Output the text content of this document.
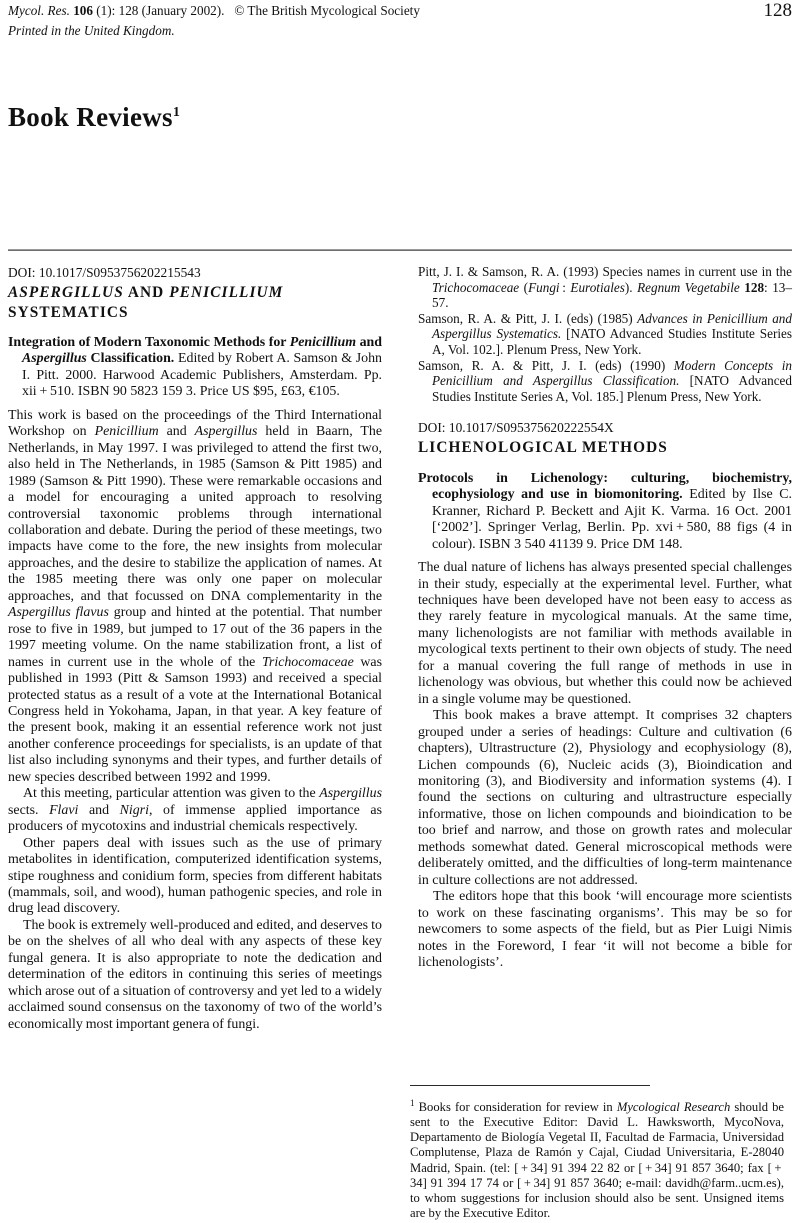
Mycol. Res. 106 (1): 128 (January 2002). © The British Mycological Society
Printed in the United Kingdom.
128
Book Reviews$^1$

DOI: 10.1017/S0953756202215543

ASPERGILLUS AND PENICILLIUM
SYSTEMATICS

Integration of Modern Taxonomic Methods for Penicillium and Aspergillus Classification. Edited by Robert A. Samson & John I. Pitt. 2000. Harwood Academic Publishers, Amsterdam. Pp. xii + 510. ISBN 90 5823 159 3. Price US $95, £63, €105.

This work is based on the proceedings of the Third International Workshop on Penicillium and Aspergillus held in Baarn, The Netherlands, in May 1997. I was privileged to attend the first two, also held in The Netherlands, in 1985 (Samson & Pitt 1985) and 1989 (Samson & Pitt 1990). These were remarkable occasions and a model for encouraging a united approach to resolving controversial taxonomic problems through international collaboration and debate. During the period of these meetings, two impacts have come to the fore, the new insights from molecular approaches, and the desire to stabilize the application of names. At the 1985 meeting there was only one paper on molecular approaches, and that focussed on DNA complementarity in the Aspergillus flavus group and hinted at the potential. That number rose to five in 1989, but jumped to 17 out of the 36 papers in the 1997 meeting volume. On the name stabilization front, a list of names in current use in the whole of the Trichocomaceae was published in 1993 (Pitt & Samson 1993) and received a special protected status as a result of a vote at the International Botanical Congress held in Yokohama, Japan, in that year. A key feature of the present book, making it an essential reference work not just another conference proceedings for specialists, is an update of that list also including synonyms and their types, and further details of new species described between 1992 and 1999.

At this meeting, particular attention was given to the Aspergillus sects. Flavi and Nigri, of immense applied importance as producers of mycotoxins and industrial chemicals respectively.

Other papers deal with issues such as the use of primary metabolites in identification, computerized identification systems, stipe roughness and conidium form, species from different habitats (mammals, soil, and wood), human pathogenic species, and role in drug lead discovery.

The book is extremely well-produced and edited, and deserves to be on the shelves of all who deal with any aspects of these key fungal genera. It is also appropriate to note the dedication and determination of the editors in continuing this series of meetings which arose out of a situation of controversy and yet led to a widely acclaimed sound consensus on the taxonomy of two of the world’s economically most important genera of fungi.

Pitt, J. I. & Samson, R. A. (1993) Species names in current use in the Trichocomaceae (Fungi : Eurotiales). Regnum Vegetabile 128: 13–57.

Samson, R. A. & Pitt, J. I. (eds) (1985) Advances in Penicillium and Aspergillus Systematics. [NATO Advanced Studies Institute Series A, Vol. 102.]. Plenum Press, New York.

Samson, R. A. & Pitt, J. I. (eds) (1990) Modern Concepts in Penicillium and Aspergillus Classification. [NATO Advanced Studies Institute Series A, Vol. 185.] Plenum Press, New York.

DOI: 10.1017/S095375620222554X

LICHENOLOGICAL METHODS

Protocols in Lichenology: culturing, biochemistry, ecophysiology and use in biomonitoring. Edited by Ilse C. Kranner, Richard P. Beckett and Ajit K. Varma. 16 Oct. 2001 [‘2002’]. Springer Verlag, Berlin. Pp. xvi + 580, 88 figs (4 in colour). ISBN 3 540 41139 9. Price DM 148.

The dual nature of lichens has always presented special challenges in their study, especially at the experimental level. Further, what techniques have been developed have not been easy to access as they rarely feature in mycological manuals. At the same time, many lichenologists are not familiar with methods available in mycological texts pertinent to their own objects of study. The need for a manual covering the full range of methods in use in lichenology was obvious, but whether this could now be achieved in a single volume may be questioned.

This book makes a brave attempt. It comprises 32 chapters grouped under a series of headings: Culture and cultivation (6 chapters), Ultrastructure (2), Physiology and ecophysiology (8), Lichen compounds (6), Nucleic acids (3), Bioindication and monitoring (3), and Biodiversity and information systems (4). I found the sections on culturing and ultrastructure especially informative, those on lichen compounds and bioindication to be too brief and narrow, and those on growth rates and molecular methods somewhat dated. General microscopical methods were deliberately omitted, and the difficulties of long-term maintenance in culture collections are not addressed.

The editors hope that this book ‘will encourage more scientists to work on these fascinating organisms’. This may be so for newcomers to some aspects of the field, but as Pier Luigi Nimis notes in the Foreword, I fear ‘it will not become a bible for lichenologists’.

$^1$ Books for consideration for review in Mycological Research should be sent to the Executive Editor: David L. Hawksworth, MycoNova, Departamento de Biología Vegetal II, Facultad de Farmacia, Universidad Complutense, Plaza de Ramón y Cajal, Ciudad Universitaria, E-28040 Madrid, Spain. (tel: [ + 34] 91 394 22 82 or [ + 34] 91 857 3640; fax [ + 34] 91 394 17 74 or [ + 34] 91 857 3640; e-mail: davidh@farm..ucm.es), to whom suggestions for inclusion should also be sent. Unsigned items are by the Executive Editor.
